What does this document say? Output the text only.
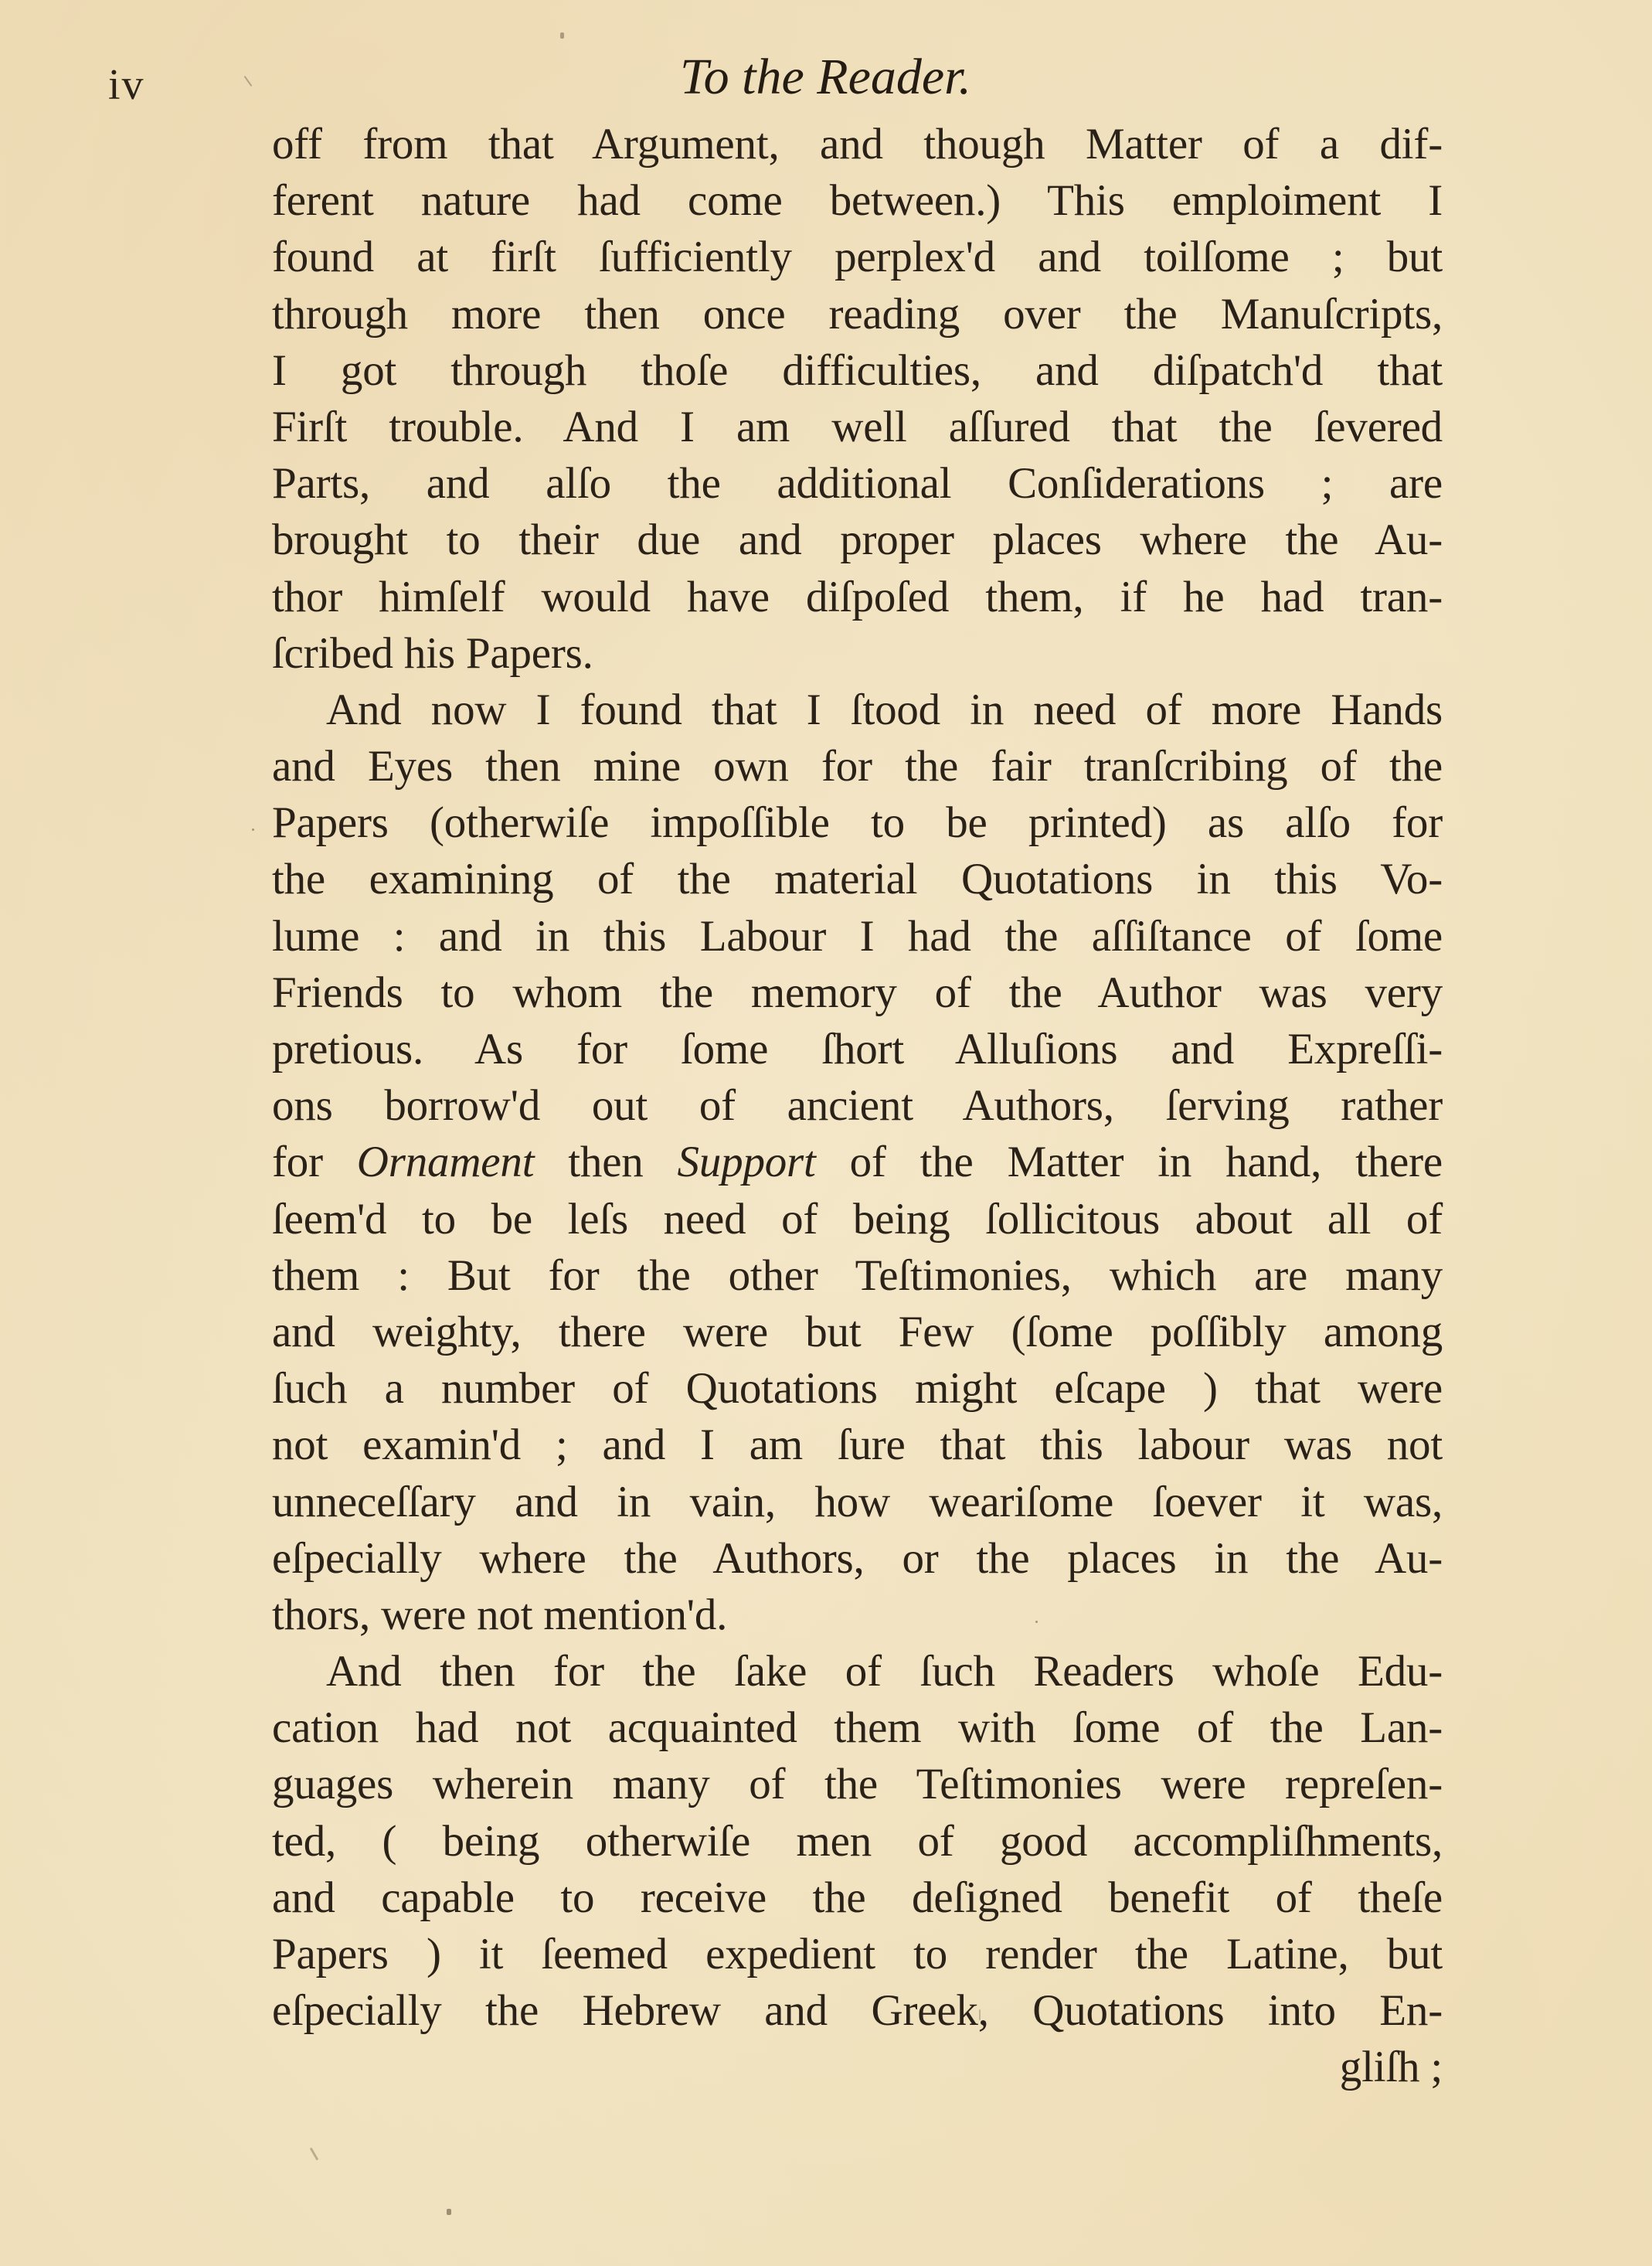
iv	To the Reader.
off from that Argument, and though Matter of a dif-
ferent nature had come between.) This emploiment I
found at firſt ſufficiently perplex'd and toilſome ; but
through more then once reading over the Manuſcripts,
I got through thoſe difficulties, and diſpatch'd that
Firſt trouble. And I am well aſſured that the ſevered
Parts, and alſo the additional Conſiderations ; are
brought to their due and proper places where the Au-
thor himſelf would have diſpoſed them, if he had tran-
ſcribed his Papers.
And now I found that I ſtood in need of more Hands
and Eyes then mine own for the fair tranſcribing of the
Papers (otherwiſe impoſſible to be printed) as alſo for
the examining of the material Quotations in this Vo-
lume : and in this Labour I had the aſſiſtance of ſome
Friends to whom the memory of the Author was very
pretious. As for ſome ſhort Alluſions and Expreſſi-
ons borrow'd out of ancient Authors, ſerving rather
for Ornament then Support of the Matter in hand, there
ſeem'd to be leſs need of being ſollicitous about all of
them : But for the other Teſtimonies, which are many
and weighty, there were but Few (ſome poſſibly among
ſuch a number of Quotations might eſcape ) that were
not examin'd ; and I am ſure that this labour was not
unneceſſary and in vain, how weariſome ſoever it was,
eſpecially where the Authors, or the places in the Au-
thors, were not mention'd.
And then for the ſake of ſuch Readers whoſe Edu-
cation had not acquainted them with ſome of the Lan-
guages wherein many of the Teſtimonies were repreſen-
ted, ( being otherwiſe men of good accompliſhments,
and capable to receive the deſigned benefit of theſe
Papers ) it ſeemed expedient to render the Latine, but
eſpecially the Hebrew and Greek, Quotations into En-
gliſh ;
